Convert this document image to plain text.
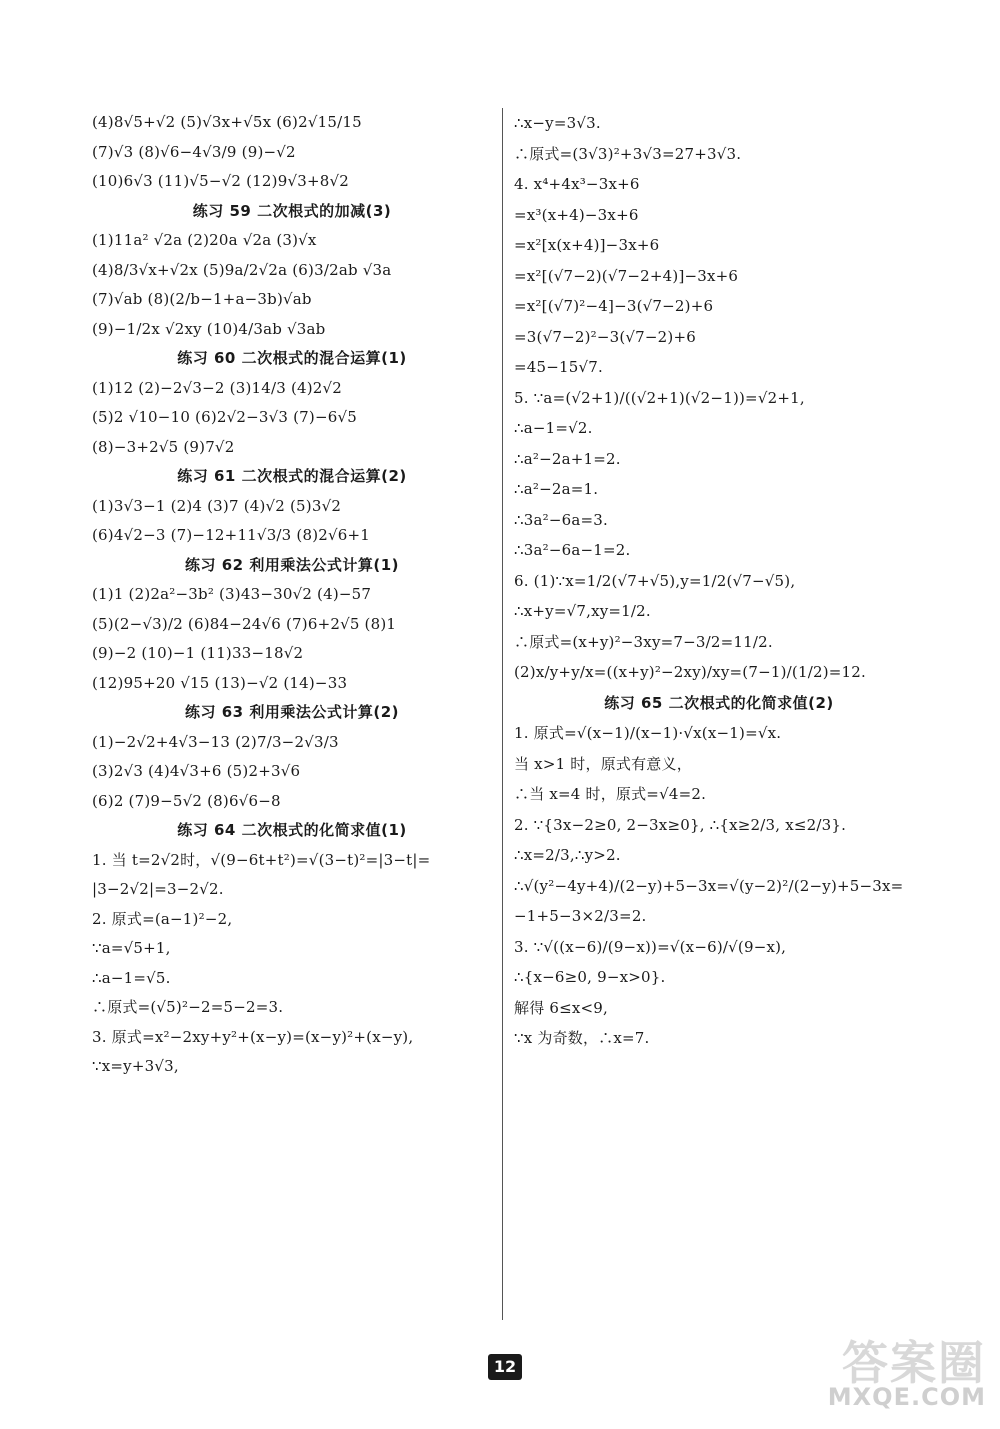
(4)8√5+√2 (5)√3x+√5x (6)2√15/15
(7)√3 (8)√6−4√3/9 (9)−√2
(10)6√3 (11)√5−√2 (12)9√3+8√2
练习 59 二次根式的加减(3)
(1)11a² √2a (2)20a √2a (3)√x
(4)8/3√x+√2x (5)9a/2√2a (6)3/2ab √3a
(7)√ab (8)(2/b−1+a−3b)√ab
(9)−1/2x √2xy (10)4/3ab √3ab
练习 60 二次根式的混合运算(1)
(1)12 (2)−2√3−2 (3)14/3 (4)2√2
(5)2 √10−10 (6)2√2−3√3 (7)−6√5
(8)−3+2√5 (9)7√2
练习 61 二次根式的混合运算(2)
(1)3√3−1 (2)4 (3)7 (4)√2 (5)3√2
(6)4√2−3 (7)−12+11√3/3 (8)2√6+1
练习 62 利用乘法公式计算(1)
(1)1 (2)2a²−3b² (3)43−30√2 (4)−57
(5)(2−√3)/2 (6)84−24√6 (7)6+2√5 (8)1
(9)−2 (10)−1 (11)33−18√2
(12)95+20 √15 (13)−√2 (14)−33
练习 63 利用乘法公式计算(2)
(1)−2√2+4√3−13 (2)7/3−2√3/3
(3)2√3 (4)4√3+6 (5)2+3√6
(6)2 (7)9−5√2 (8)6√6−8
练习 64 二次根式的化简求值(1)
1. 当 t=2√2时，√(9−6t+t²)=√(3−t)²=|3−t|=
|3−2√2|=3−2√2.
2. 原式=(a−1)²−2,
∵a=√5+1,
∴a−1=√5.
∴原式=(√5)²−2=5−2=3.
3. 原式=x²−2xy+y²+(x−y)=(x−y)²+(x−y),
∵x=y+3√3,
∴x−y=3√3.
∴原式=(3√3)²+3√3=27+3√3.
4. x⁴+4x³−3x+6
=x³(x+4)−3x+6
=x²[x(x+4)]−3x+6
=x²[(√7−2)(√7−2+4)]−3x+6
=x²[(√7)²−4]−3(√7−2)+6
=3(√7−2)²−3(√7−2)+6
=45−15√7.
5. ∵a=(√2+1)/((√2+1)(√2−1))=√2+1,
∴a−1=√2.
∴a²−2a+1=2.
∴a²−2a=1.
∴3a²−6a=3.
∴3a²−6a−1=2.
6. (1)∵x=1/2(√7+√5),y=1/2(√7−√5),
∴x+y=√7,xy=1/2.
∴原式=(x+y)²−3xy=7−3/2=11/2.
(2)x/y+y/x=((x+y)²−2xy)/xy=(7−1)/(1/2)=12.
练习 65 二次根式的化简求值(2)
1. 原式=√(x−1)/(x−1)·√x(x−1)=√x.
当 x>1 时，原式有意义，
∴当 x=4 时，原式=√4=2.
2. ∵{3x−2≥0, 2−3x≥0}, ∴{x≥2/3, x≤2/3}.
∴x=2/3,∴y>2.
∴√(y²−4y+4)/(2−y)+5−3x=√(y−2)²/(2−y)+5−3x=
−1+5−3×2/3=2.
3. ∵√((x−6)/(9−x))=√(x−6)/√(9−x),
∴{x−6≥0, 9−x>0}.
解得 6≤x<9,
∵x 为奇数，∴x=7.
12	答案圈
MXQE.COM
